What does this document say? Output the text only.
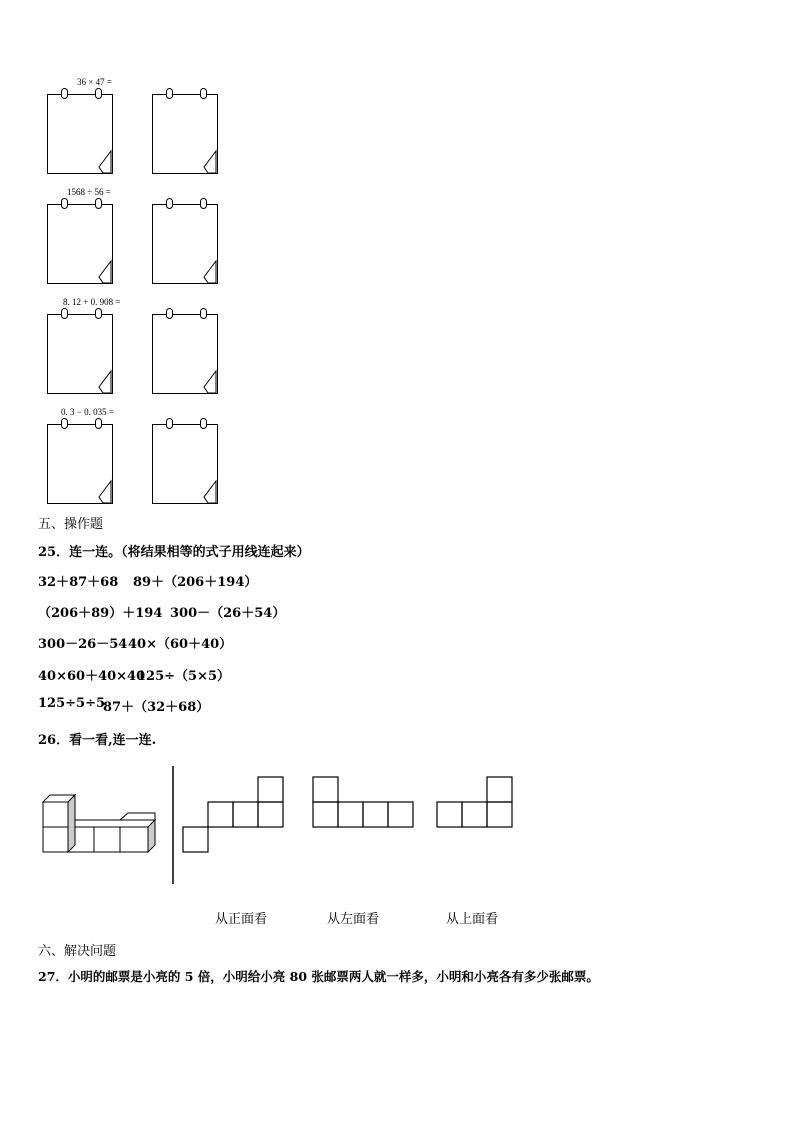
36 × 47 =
1568 ÷ 56 =
8. 12 + 0. 908 =
0. 3 − 0. 035 =
五、操作题
25．连一连。（将结果相等的式子用线连起来）
32＋87＋68 89＋（206＋194）
（206＋89）＋194 300－（26＋54）
300－26－54 40×（60＋40）
40×60＋40×40
125÷（5×5）
125÷5÷5
87＋（32＋68）
26．看一看,连一连.
从正面看	从左面看	从上面看
六、解决问题
27．小明的邮票是小亮的 5 倍，小明给小亮 80 张邮票两人就一样多，小明和小亮各有多少张邮票。
